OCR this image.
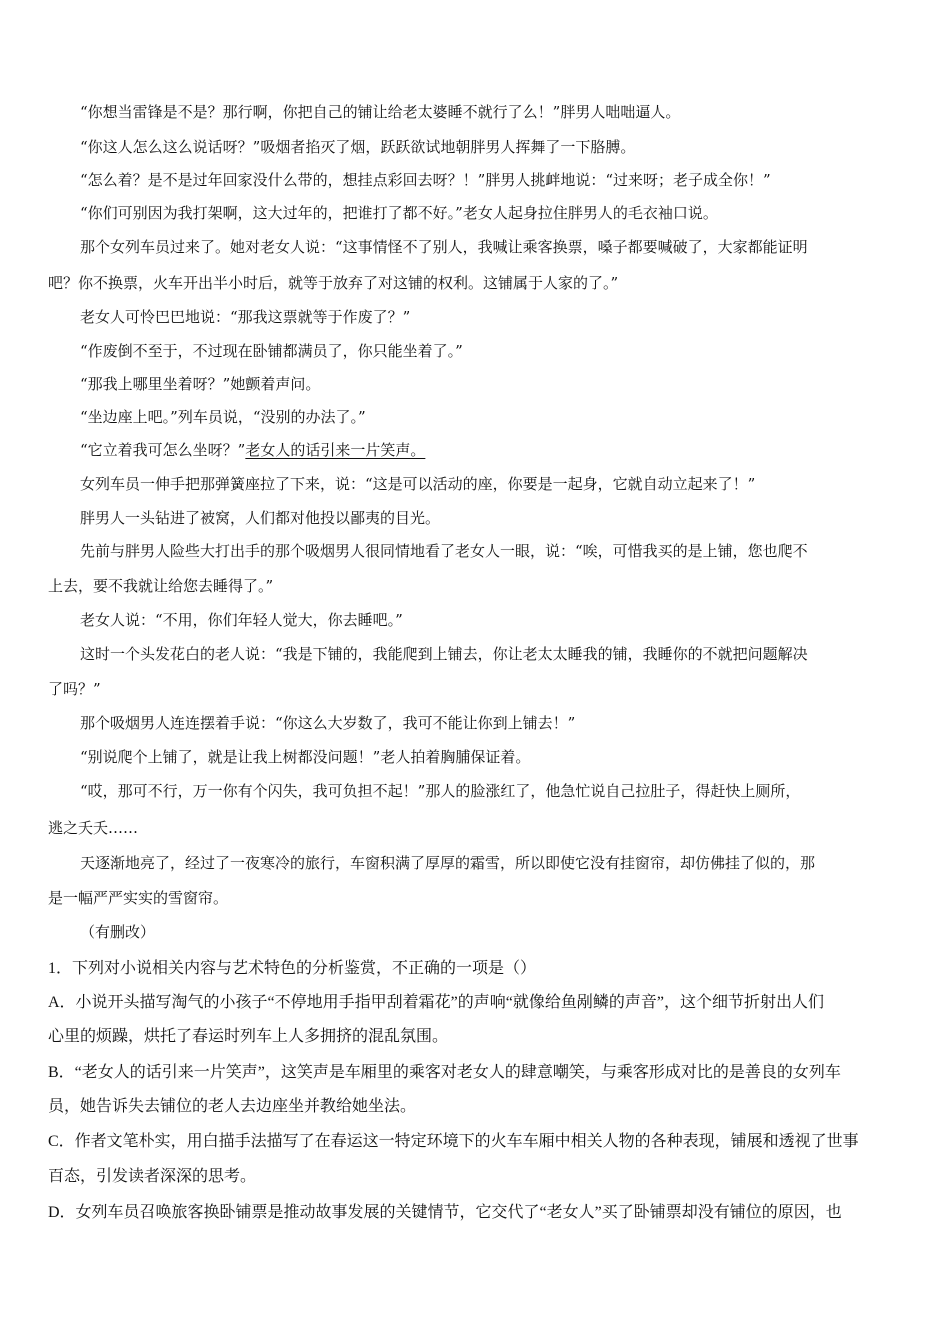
“你想当雷锋是不是？那行啊，你把自己的铺让给老太婆睡不就行了么！”胖男人咄咄逼人。
“你这人怎么这么说话呀？”吸烟者掐灭了烟，跃跃欲试地朝胖男人挥舞了一下胳膊。
“怎么着？是不是过年回家没什么带的，想挂点彩回去呀？！”胖男人挑衅地说：“过来呀；老子成全你！”
“你们可别因为我打架啊，这大过年的，把谁打了都不好。”老女人起身拉住胖男人的毛衣袖口说。
那个女列车员过来了。她对老女人说：“这事情怪不了别人，我喊让乘客换票，嗓子都要喊破了，大家都能证明
吧？你不换票，火车开出半小时后，就等于放弃了对这铺的权利。这铺属于人家的了。”
老女人可怜巴巴地说：“那我这票就等于作废了？”
“作废倒不至于，不过现在卧铺都满员了，你只能坐着了。”
“那我上哪里坐着呀？”她颤着声问。
“坐边座上吧。”列车员说，“没别的办法了。”
“它立着我可怎么坐呀？”老女人的话引来一片笑声。
女列车员一伸手把那弹簧座拉了下来，说：“这是可以活动的座，你要是一起身，它就自动立起来了！”
胖男人一头钻进了被窝，人们都对他投以鄙夷的目光。
先前与胖男人险些大打出手的那个吸烟男人很同情地看了老女人一眼，说：“唉，可惜我买的是上铺，您也爬不
上去，要不我就让给您去睡得了。”
老女人说：“不用，你们年轻人觉大，你去睡吧。”
这时一个头发花白的老人说：“我是下铺的，我能爬到上铺去，你让老太太睡我的铺，我睡你的不就把问题解决
了吗？”
那个吸烟男人连连摆着手说：“你这么大岁数了，我可不能让你到上铺去！”
“别说爬个上铺了，就是让我上树都没问题！”老人拍着胸脯保证着。
“哎，那可不行，万一你有个闪失，我可负担不起！”那人的脸涨红了，他急忙说自己拉肚子，得赶快上厕所，
逃之夭夭……
天逐渐地亮了，经过了一夜寒冷的旅行，车窗积满了厚厚的霜雪，所以即使它没有挂窗帘，却仿佛挂了似的，那
是一幅严严实实的雪窗帘。
（有删改）
1．下列对小说相关内容与艺术特色的分析鉴赏，不正确的一项是（）
A．小说开头描写淘气的小孩子“不停地用手指甲刮着霜花”的声响“就像给鱼剐鳞的声音”，这个细节折射出人们
心里的烦躁，烘托了春运时列车上人多拥挤的混乱氛围。
B．“老女人的话引来一片笑声”，这笑声是车厢里的乘客对老女人的肆意嘲笑，与乘客形成对比的是善良的女列车
员，她告诉失去铺位的老人去边座坐并教给她坐法。
C．作者文笔朴实，用白描手法描写了在春运这一特定环境下的火车车厢中相关人物的各种表现，铺展和透视了世事
百态，引发读者深深的思考。
D．女列车员召唤旅客换卧铺票是推动故事发展的关键情节，它交代了“老女人”买了卧铺票却没有铺位的原因，也
